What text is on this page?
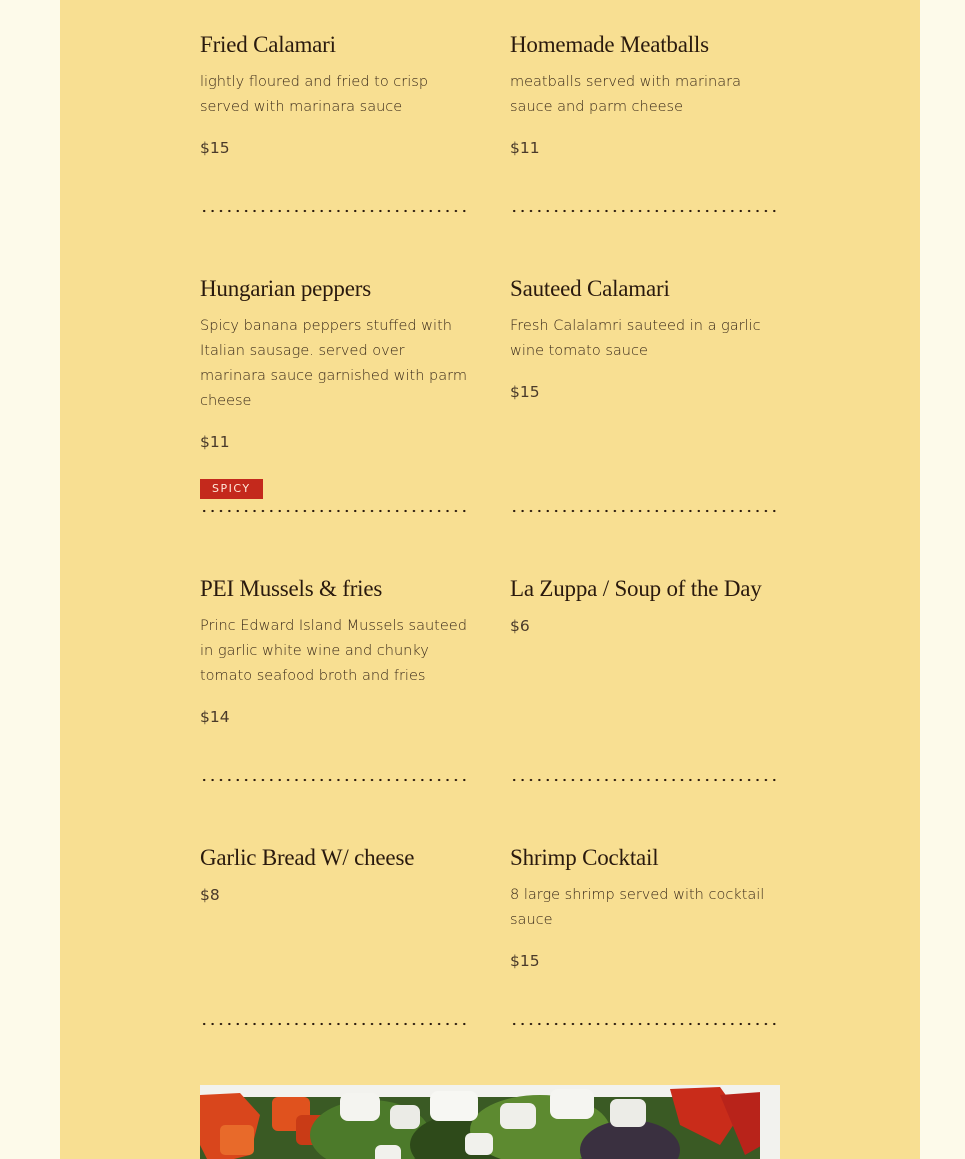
Fried Calamari

lightly floured and fried to crisp served with marinara sauce

$15

Homemade Meatballs

meatballs served with marinara sauce and parm cheese

$11

Hungarian peppers

Spicy banana peppers stuffed with Italian sausage. served over marinara sauce garnished with parm cheese

$11

SPICY
Sauteed Calamari

Fresh Calalamri sauteed in a garlic wine tomato sauce

$15

PEI Mussels & fries

Princ Edward Island Mussels sauteed in garlic white wine and chunky tomato seafood broth and fries

$14

La Zuppa / Soup of the Day

$6

Garlic Bread W/ cheese

$8

Shrimp Cocktail

8 large shrimp served with cocktail sauce

$15
